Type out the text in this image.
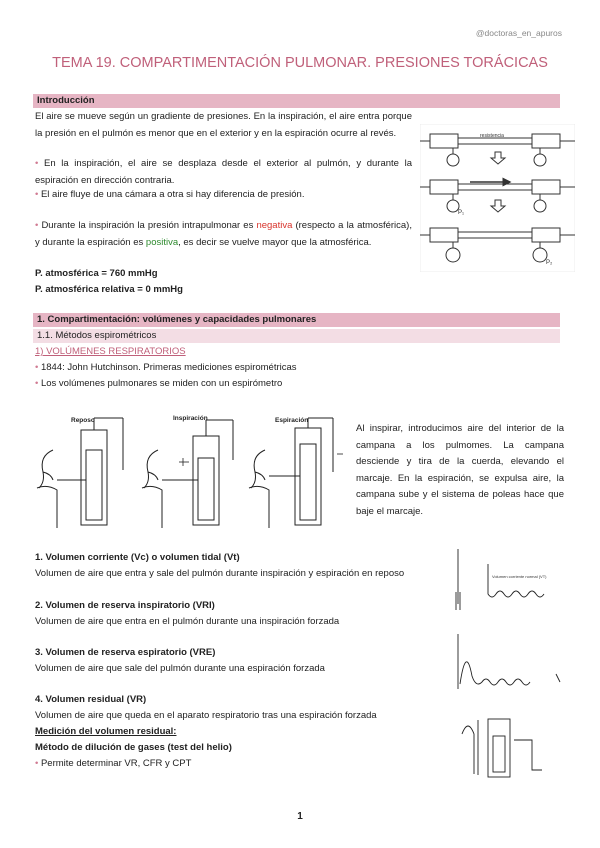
@doctoras_en_apuros
TEMA 19. COMPARTIMENTACIÓN PULMONAR. PRESIONES TORÁCICAS
Introducción
El aire se mueve según un gradiente de presiones. En la inspiración, el aire entra porque la presión en el pulmón es menor que en el exterior y en la espiración ocurre al revés.
• En la inspiración, el aire se desplaza desde el exterior al pulmón, y durante la espiración en dirección contraria.
• El aire fluye de una cámara a otra si hay diferencia de presión.
• Durante la inspiración la presión intrapulmonar es negativa (respecto a la atmosférica), y durante la espiración es positiva, es decir se vuelve mayor que la atmosférica.
P. atmosférica = 760 mmHg
P. atmosférica relativa = 0 mmHg
resistencia
P₁
P₂
1. Compartimentación: volúmenes y capacidades pulmonares
1.1. Métodos espirométricos
1) VOLÚMENES RESPIRATORIOS
• 1844: John Hutchinson. Primeras mediciones espirométricas
• Los volúmenes pulmonares se miden con un espirómetro
Reposo	Inspiración	Espiración
Al inspirar, introducimos aire del interior de la campana a los pulmomes. La campana desciende y tira de la cuerda, elevando el marcaje. En la espiración, se expulsa aire, la campana sube y el sistema de poleas hace que baje el marcaje.
1. Volumen corriente (Vc) o volumen tidal (Vt)
Volumen de aire que entra y sale del pulmón durante inspiración y espiración en reposo
2. Volumen de reserva inspiratorio (VRI)
Volumen de aire que entra en el pulmón durante una inspiración forzada
3. Volumen de reserva espiratorio (VRE)
Volumen de aire que sale del pulmón durante una espiración forzada
4. Volumen residual (VR)
Volumen de aire que queda en el aparato respiratorio tras una espiración forzada
Medición del volumen residual:
Método de dilución de gases (test del helio)
• Permite determinar VR, CFR y CPT
Volumen corriente normal (VT)
1
